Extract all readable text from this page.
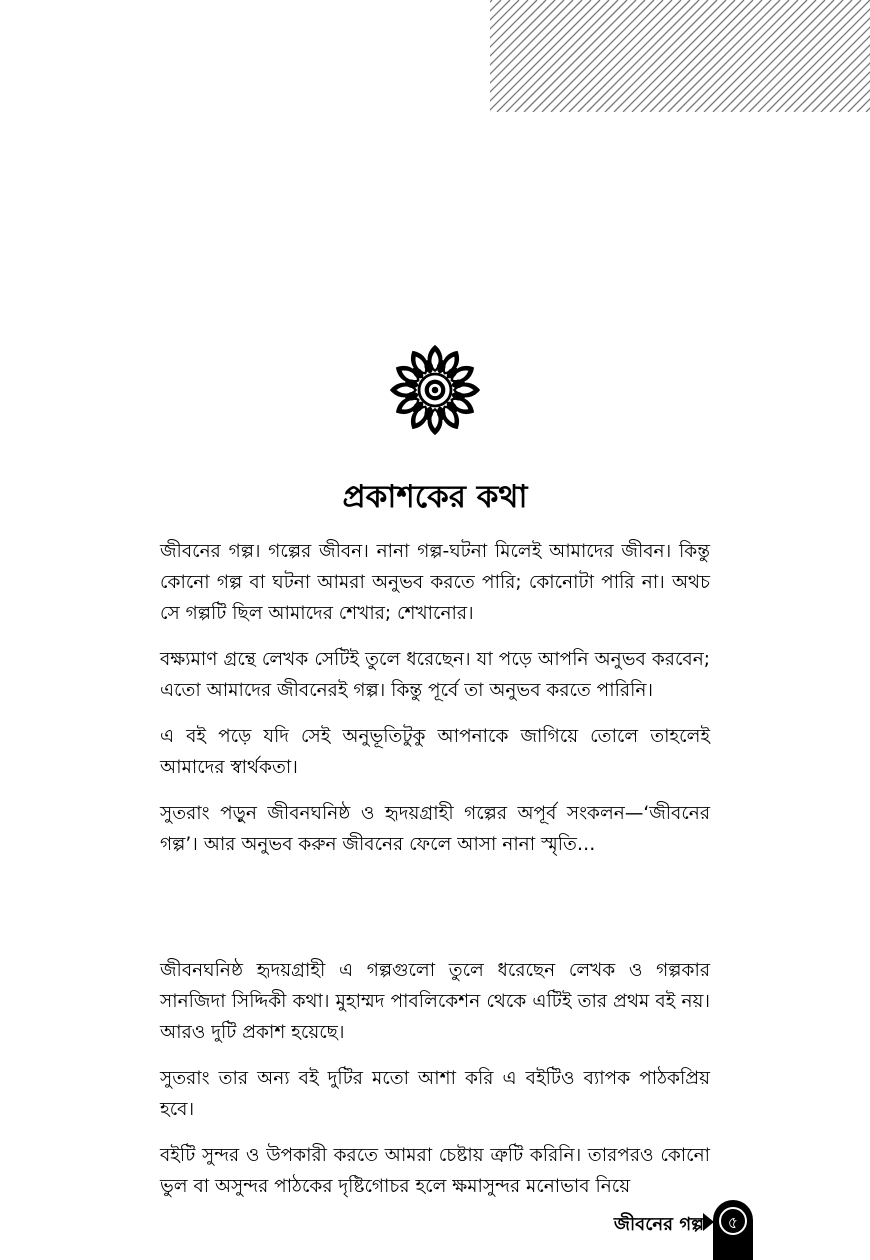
প্রকাশকের কথা

জীবনের গল্প। গল্পের জীবন। নানা গল্প-ঘটনা মিলেই আমাদের জীবন। কিন্তু কোনো গল্প বা ঘটনা আমরা অনুভব করতে পারি; কোনোটা পারি না। অথচ সে গল্পটি ছিল আমাদের শেখার; শেখানোর।

বক্ষ্যমাণ গ্রন্থে লেখক সেটিই তুলে ধরেছেন। যা পড়ে আপনি অনুভব করবেন; এতো আমাদের জীবনেরই গল্প। কিন্তু পূর্বে তা অনুভব করতে পারিনি।

এ বই পড়ে যদি সেই অনুভূতিটুকু আপনাকে জাগিয়ে তোলে তাহলেই আমাদের স্বার্থকতা।

সুতরাং পড়ুন জীবনঘনিষ্ঠ ও হৃদয়গ্রাহী গল্পের অপূর্ব সংকলন—‘জীবনের গল্প’। আর অনুভব করুন জীবনের ফেলে আসা নানা স্মৃতি…

জীবনঘনিষ্ঠ হৃদয়গ্রাহী এ গল্পগুলো তুলে ধরেছেন লেখক ও গল্পকার সানজিদা সিদ্দিকী কথা। মুহাম্মদ পাবলিকেশন থেকে এটিই তার প্রথম বই নয়। আরও দুটি প্রকাশ হয়েছে।

সুতরাং তার অন্য বই দুটির মতো আশা করি এ বইটিও ব্যাপক পাঠকপ্রিয় হবে।

বইটি সুন্দর ও উপকারী করতে আমরা চেষ্টায় ত্রুটি করিনি। তারপরও কোনো ভুল বা অসুন্দর পাঠকের দৃষ্টিগোচর হলে ক্ষমাসুন্দর মনোভাব নিয়ে

জীবনের গল্প	৫
